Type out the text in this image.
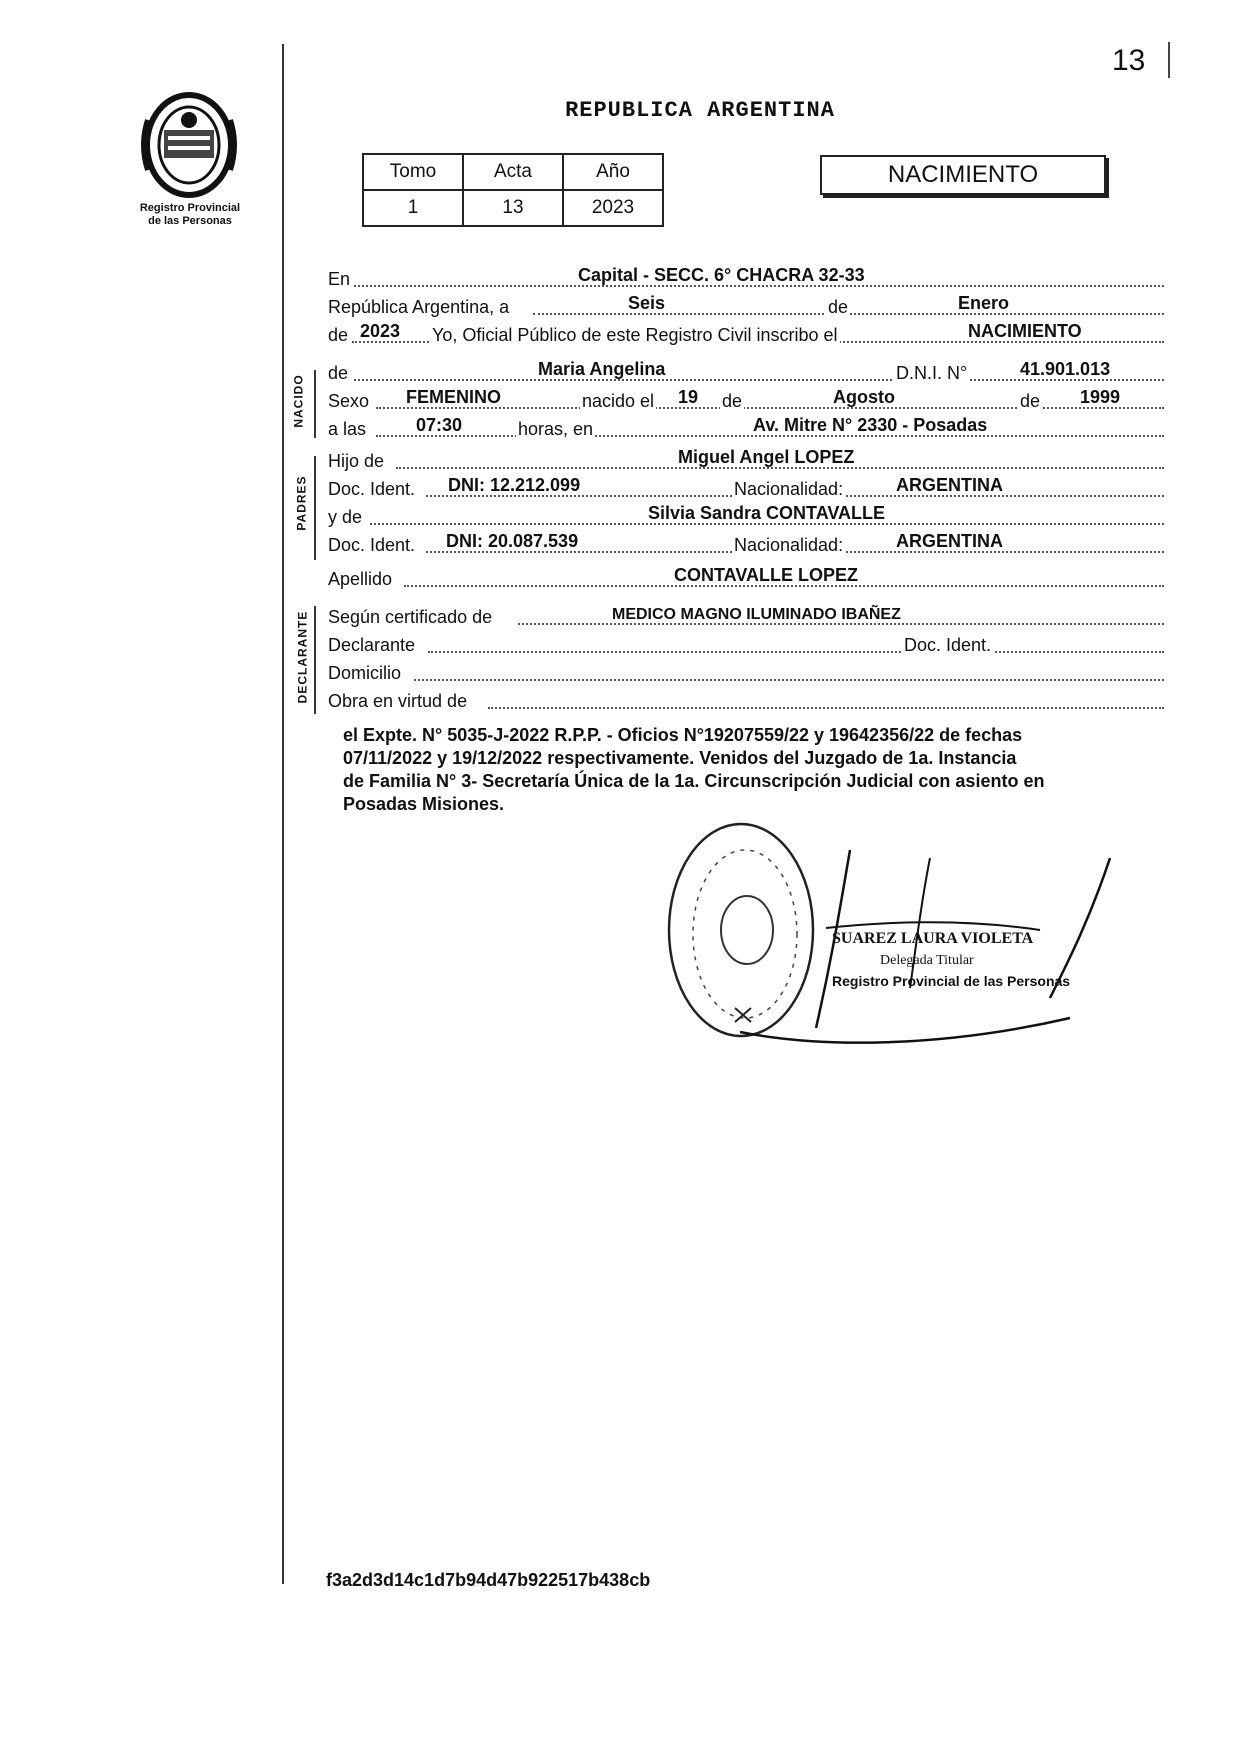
13
Registro Provincial
de las Personas
REPUBLICA ARGENTINA
Tomo	Acta	Año
1	13	2023
NACIMIENTO
En	Capital - SECC. 6° CHACRA 32-33
República Argentina, a	Seis	de	Enero
de 2023 Yo, Oficial Público de este Registro Civil inscribo el	NACIMIENTO
NACIDO
de	Maria Angelina	D.N.I. N°	41.901.013
Sexo FEMENINO	nacido el 19 de	Agosto	de 1999
a las	07:30	horas, en	Av. Mitre N° 2330 - Posadas
PADRES
Hijo de	Miguel Angel LOPEZ
Doc. Ident. DNI: 12.212.099	Nacionalidad:	ARGENTINA
y de	Silvia Sandra CONTAVALLE
Doc. Ident. DNI: 20.087.539	Nacionalidad:	ARGENTINA
Apellido	CONTAVALLE LOPEZ
DECLARANTE Según certificado de	MEDICO MAGNO ILUMINADO IBAÑEZ
Declarante	Doc. Ident.
Domicilio
Obra en virtud de

el Expte. N° 5035-J-2022 R.P.P. - Oficios N°19207559/22 y 19642356/22 de fechas

07/11/2022 y 19/12/2022 respectivamente. Venidos del Juzgado de 1a. Instancia

de Familia N° 3- Secretaría Única de la 1a. Circunscripción Judicial con asiento en

Posadas Misiones.

SUAREZ LAURA VIOLETA
Delegada Titular
Registro Provincial de las Personas
f3a2d3d14c1d7b94d47b922517b438cb
